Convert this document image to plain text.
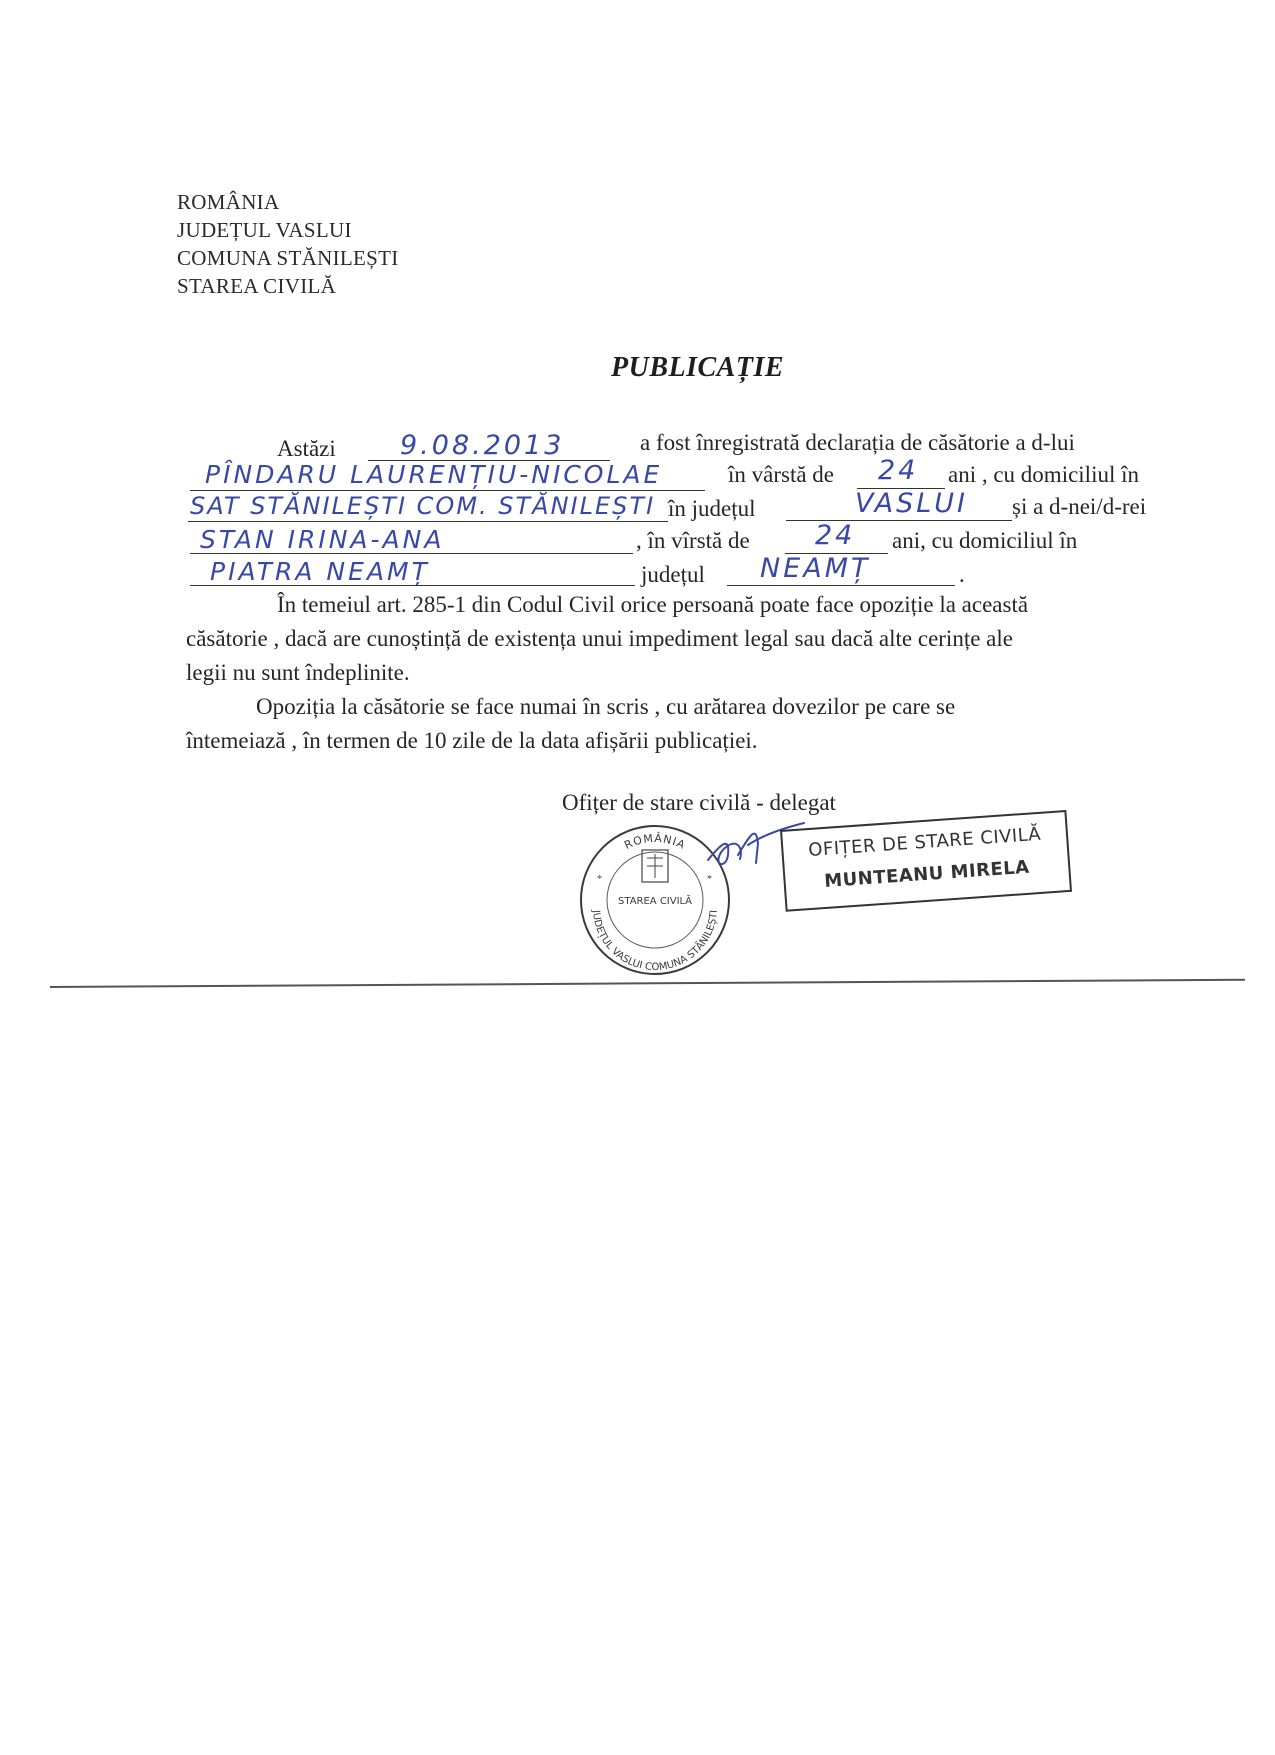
ROMÂNIA
JUDEȚUL VASLUI
COMUNA STĂNILEȘTI
STAREA CIVILĂ
PUBLICAȚIE
Astăzi 9.08.2013	a fost înregistrată declarația de căsătorie a d-lui
PÎNDARU LAURENȚIU-NICOLAE	în vârstă de 24 ani , cu domiciliul în
SAT STĂNILEȘTI COM. STĂNILEȘTI în județul	VASLUI și a d-nei/d-rei
STAN IRINA-ANA	, în vîrstă de 24 ani, cu domiciliul în
PIATRA NEAMȚ	județul NEAMȚ	.
În temeiul art. 285-1 din Codul Civil orice persoană poate face opoziție la această
căsătorie , dacă are cunoștință de existența unui impediment legal sau dacă alte cerințe ale
legii nu sunt îndeplinite.
Opoziția la căsătorie se face numai în scris , cu arătarea dovezilor pe care se
întemeiază , în termen de 10 zile de la data afișării publicației.
Ofițer de stare civilă - delegat
ROMÂNIA
JUDEȚUL VASLUI COMUNA STĂNILEȘTI
STAREA CIVILĂ
*	*
OFIȚER DE STARE CIVILĂ
MUNTEANU MIRELA
